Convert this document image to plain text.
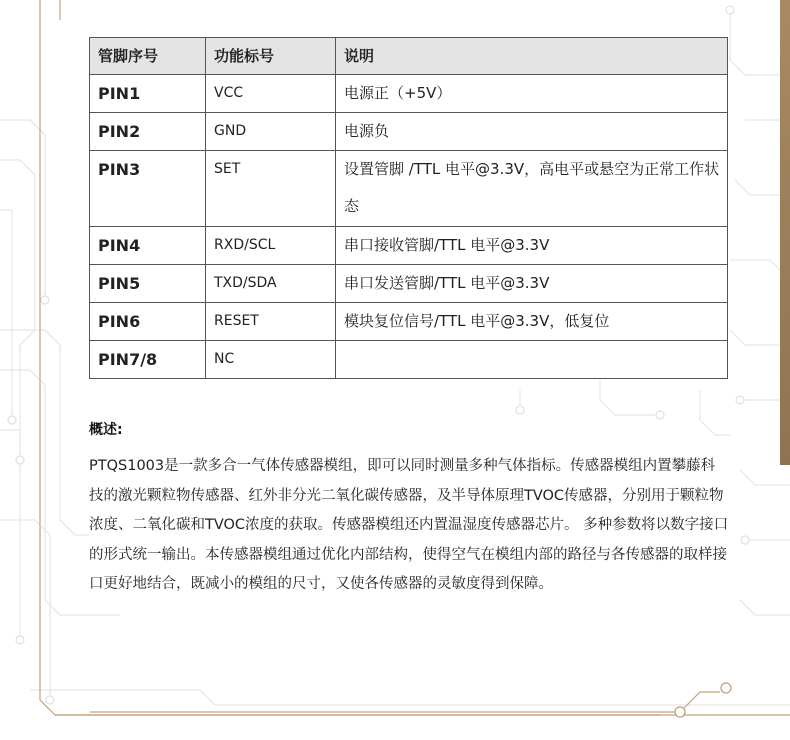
管脚序号	功能标号	说明
PIN1	VCC	电源正（+5V）
PIN2	GND	电源负
PIN3	SET	设置管脚 /TTL 电平@3.3V，高电平或悬空为正常工作状态
PIN4	RXD/SCL	串口接收管脚/TTL 电平@3.3V
PIN5	TXD/SDA	串口发送管脚/TTL 电平@3.3V
PIN6	RESET	模块复位信号/TTL 电平@3.3V，低复位
PIN7/8	NC	
概述:

PTQS1003是一款多合一气体传感器模组，即可以同时测量多种气体指标。传感器模组内置攀藤科技的激光颗粒物传感器、红外非分光二氧化碳传感器，及半导体原理TVOC传感器，分别用于颗粒物浓度、二氧化碳和TVOC浓度的获取。传感器模组还内置温湿度传感器芯片。 多种参数将以数字接口的形式统一输出。本传感器模组通过优化内部结构，使得空气在模组内部的路径与各传感器的取样接口更好地结合，既减小的模组的尺寸，又使各传感器的灵敏度得到保障。
